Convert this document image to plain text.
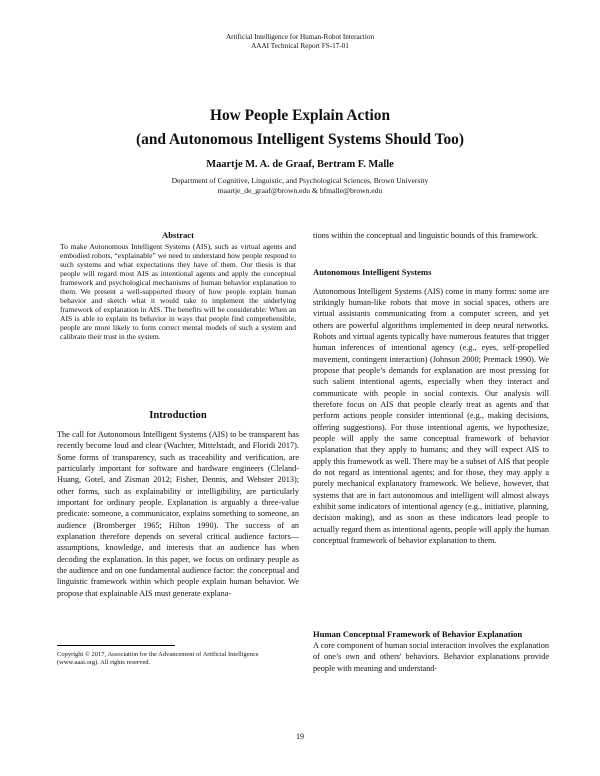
Artificial Intelligence for Human-Robot Interaction
AAAI Technical Report FS-17-01

How People Explain Action

(and Autonomous Intelligent Systems Should Too)

Maartje M. A. de Graaf, Bertram F. Malle
Department of Cognitive, Linguistic, and Psychological Sciences, Brown University
maartje_de_graaf@brown.edu & bfmalle@brown.edu

Abstract

To make Autonomous Intelligent Systems (AIS), such as virtual agents and embodied robots, “explainable” we need to understand how people respond to such systems and what expectations they have of them. Our thesis is that people will regard most AIS as intentional agents and apply the conceptual framework and psychological mechanisms of human behavior explanation to them. We present a well-supported theory of how people explain human behavior and sketch what it would take to implement the underlying framework of explanation in AIS. The benefits will be considerable: When an AIS is able to explain its behavior in ways that people find comprehensible, people are more likely to form correct mental models of such a system and calibrate their trust in the system.

Introduction

The call for Autonomous Intelligent Systems (AIS) to be transparent has recently become loud and clear (Wachter, Mittelstadt, and Floridi 2017). Some forms of transparency, such as traceability and verification, are particularly important for software and hardware engineers (Cleland-Huang, Gotel, and Zisman 2012; Fisher, Dennis, and Webster 2013); other forms, such as explainability or intelligibility, are particularly important for ordinary people. Explanation is arguably a three-value predicate: someone, a communicator, explains something to someone, an audience (Bromberger 1965; Hilton 1990). The success of an explanation therefore depends on several critical audience factors—assumptions, knowledge, and interests that an audience has when decoding the explanation. In this paper, we focus on ordinary people as the audience and on one fundamental audience factor: the conceptual and linguistic framework within which people explain human behavior. We propose that explainable AIS must generate explana-

Copyright © 2017, Association for the Advancement of Artificial Intelligence (www.aaai.org). All rights reserved.

tions within the conceptual and linguistic bounds of this framework.

Autonomous Intelligent Systems

Autonomous Intelligent Systems (AIS) come in many forms: some are strikingly human-like robots that move in social spaces, others are virtual assistants communicating from a computer screen, and yet others are powerful algorithms implemented in deep neural networks. Robots and virtual agents typically have numerous features that trigger human inferences of intentional agency (e.g., eyes, self-propelled movement, contingent interaction) (Johnson 2000; Premack 1990). We propose that people’s demands for explanation are most pressing for such salient intentional agents, especially when they interact and communicate with people in social contexts. Our analysis will therefore focus on AIS that people clearly treat as agents and that perform actions people consider intentional (e.g., making decisions, offering suggestions). For those intentional agents, we hypothesize, people will apply the same conceptual framework of behavior explanation that they apply to humans; and they will expect AIS to apply this framework as well. There may be a subset of AIS that people do not regard as intentional agents; and for those, they may apply a purely mechanical explanatory framework. We believe, however, that systems that are in fact autonomous and intelligent will almost always exhibit some indicators of intentional agency (e.g., initiative, planning, decision making), and as soon as these indicators lead people to actually regard them as intentional agents, people will apply the human conceptual framework of behavior explanation to them.

Human Conceptual Framework of Behavior Explanation

A core component of human social interaction involves the explanation of one’s own and others' behaviors. Behavior explanations provide people with meaning and understand-

19
